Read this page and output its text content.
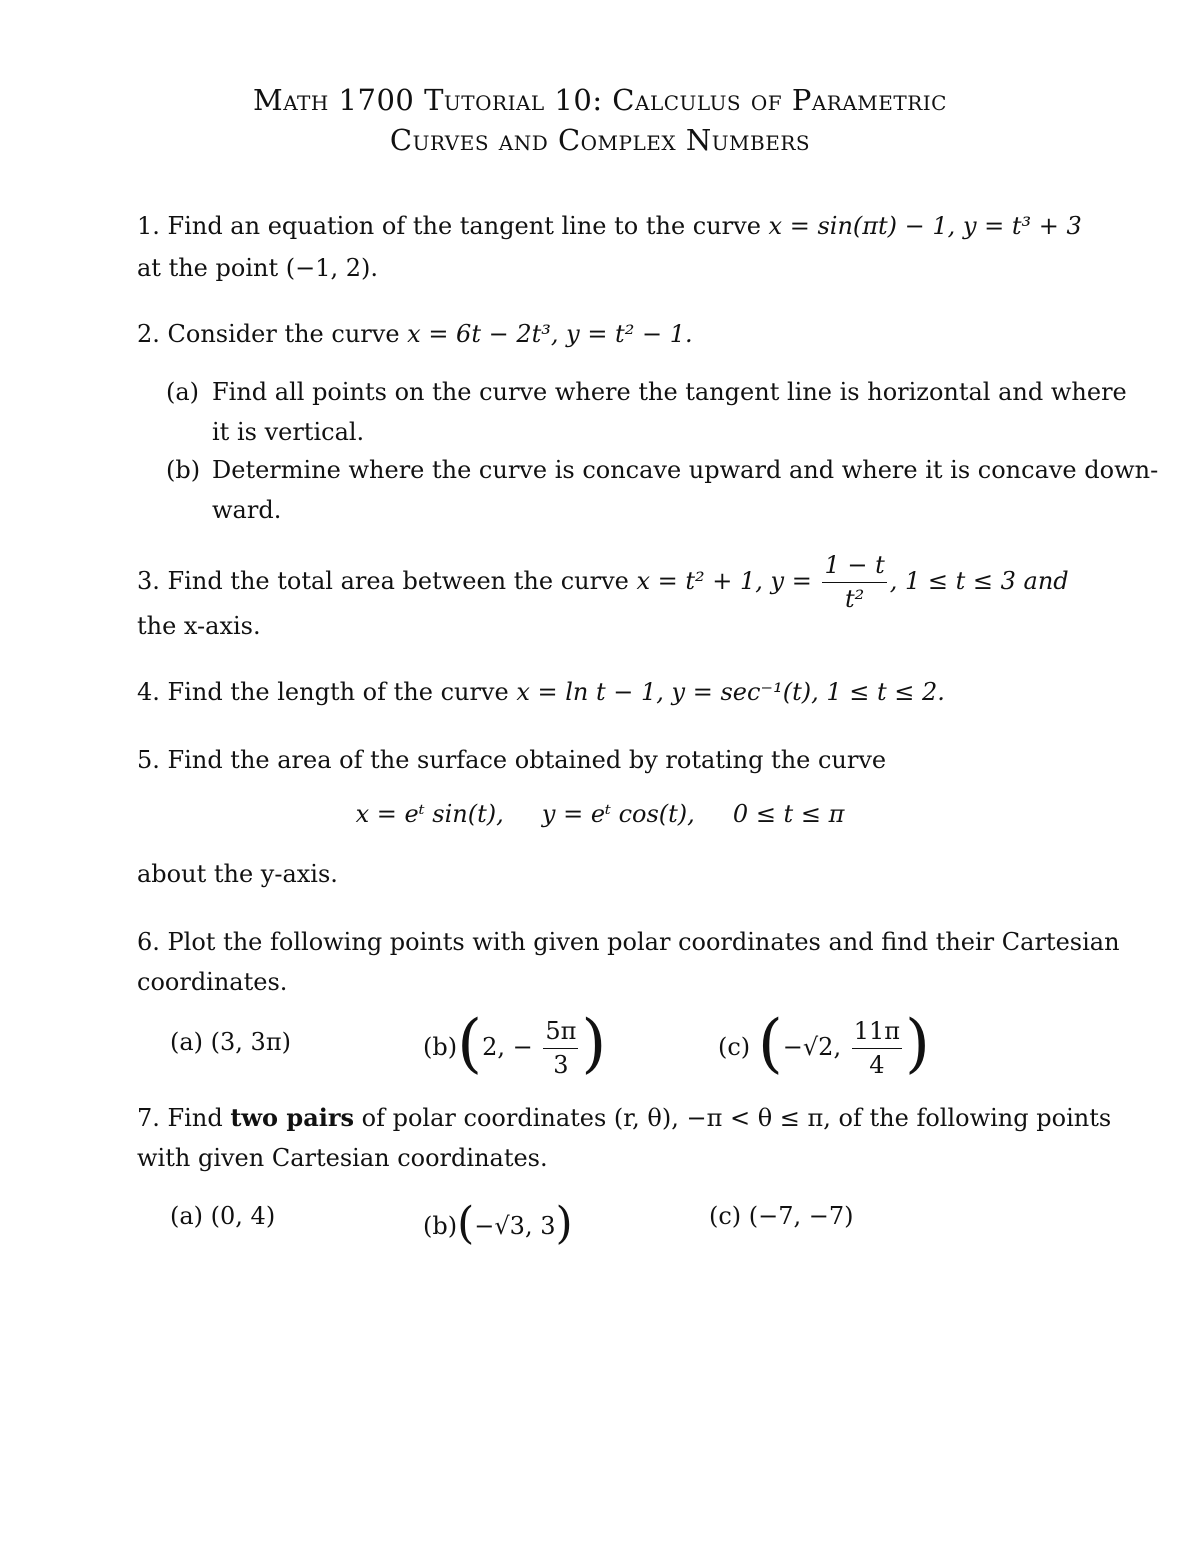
Math 1700 Tutorial 10: Calculus of Parametric
Curves and Complex Numbers
1. Find an equation of the tangent line to the curve x = sin(πt) − 1, y = t³ + 3
at the point (−1, 2).
2. Consider the curve x = 6t − 2t³, y = t² − 1.
(a) Find all points on the curve where the tangent line is horizontal and where
it is vertical.
(b) Determine where the curve is concave upward and where it is concave down-
ward.
3. Find the total area between the curve x = t² + 1, $y = \frac{1 - t}{\text{t²}}$ , 1 ≤ t ≤ 3 and
the x-axis.
4. Find the length of the curve x = ln t − 1, y = sec⁻¹(t), 1 ≤ t ≤ 2.
5. Find the area of the surface obtained by rotating the curve
x = eᵗ sin(t),     y = eᵗ cos(t),     0 ≤ t ≤ π
about the y-axis.
6. Plot the following points with given polar coordinates and find their Cartesian
coordinates.
(a) (3, 3π)	(b)(2, − $\frac{5\pi}{3}$ )	(c) (−√2, $\frac{11\pi}{4}$ )
7. Find two pairs of polar coordinates (r, θ), −π < θ ≤ π, of the following points
with given Cartesian coordinates.
(a) (0, 4)	(b)(−√3, 3)	(c) (−7, −7)
